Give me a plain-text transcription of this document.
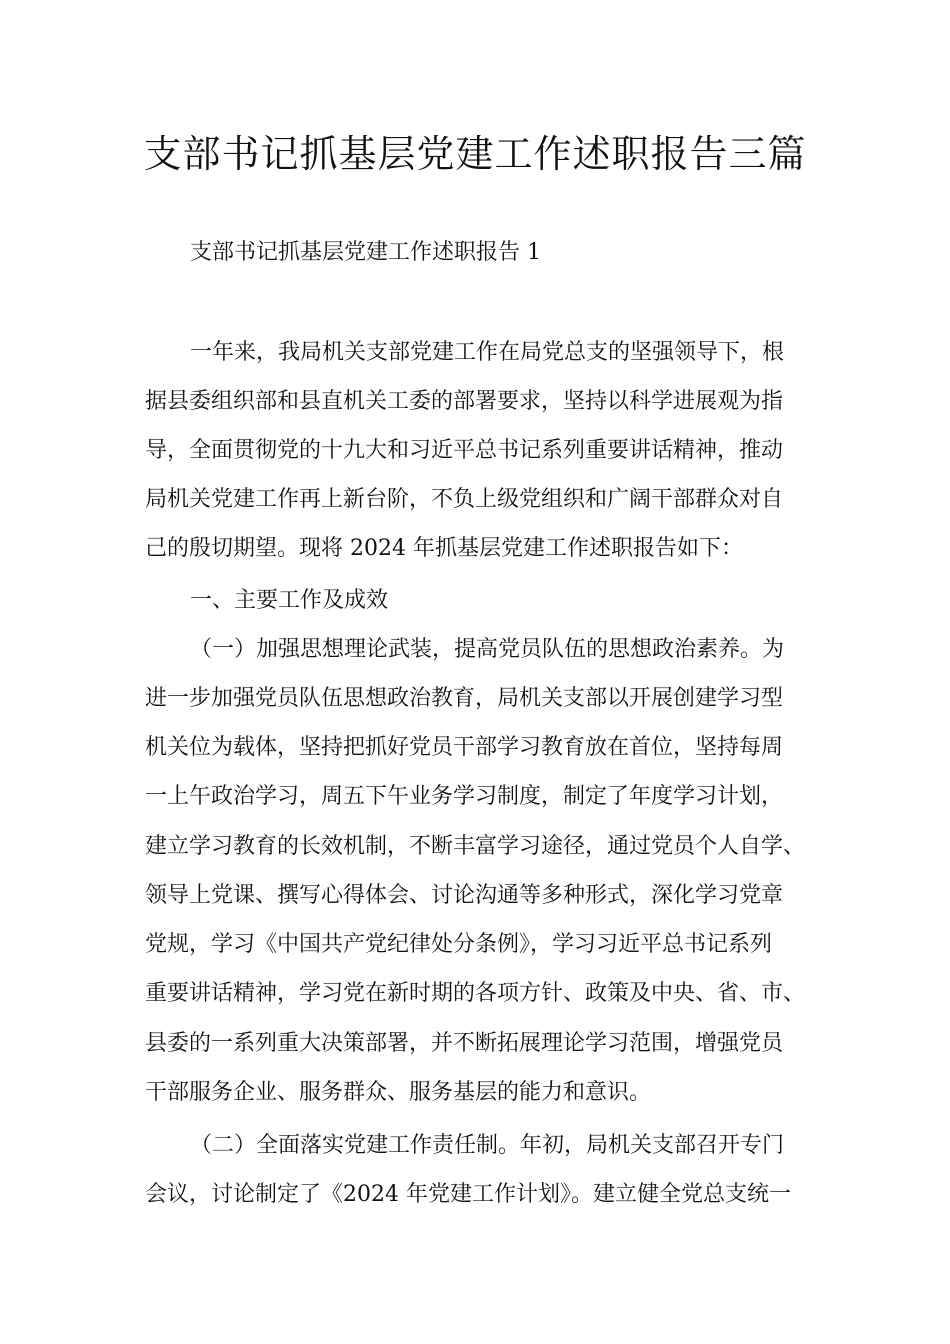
支部书记抓基层党建工作述职报告三篇
支部书记抓基层党建工作述职报告 1
一年来，我局机关支部党建工作在局党总支的坚强领导下，根
据县委组织部和县直机关工委的部署要求，坚持以科学进展观为指
导，全面贯彻党的十九大和习近平总书记系列重要讲话精神，推动
局机关党建工作再上新台阶，不负上级党组织和广阔干部群众对自
己的殷切期望。现将 2024 年抓基层党建工作述职报告如下：
一、主要工作及成效
（一）加强思想理论武装，提高党员队伍的思想政治素养。为
进一步加强党员队伍思想政治教育，局机关支部以开展创建学习型
机关位为载体，坚持把抓好党员干部学习教育放在首位，坚持每周
一上午政治学习，周五下午业务学习制度，制定了年度学习计划，
建立学习教育的长效机制，不断丰富学习途径，通过党员个人自学、
领导上党课、撰写心得体会、讨论沟通等多种形式，深化学习党章
党规，学习《中国共产党纪律处分条例》，学习习近平总书记系列
重要讲话精神，学习党在新时期的各项方针、政策及中央、省、市、
县委的一系列重大决策部署，并不断拓展理论学习范围，增强党员
干部服务企业、服务群众、服务基层的能力和意识。
（二）全面落实党建工作责任制。年初，局机关支部召开专门
会议，讨论制定了《2024 年党建工作计划》。建立健全党总支统一
